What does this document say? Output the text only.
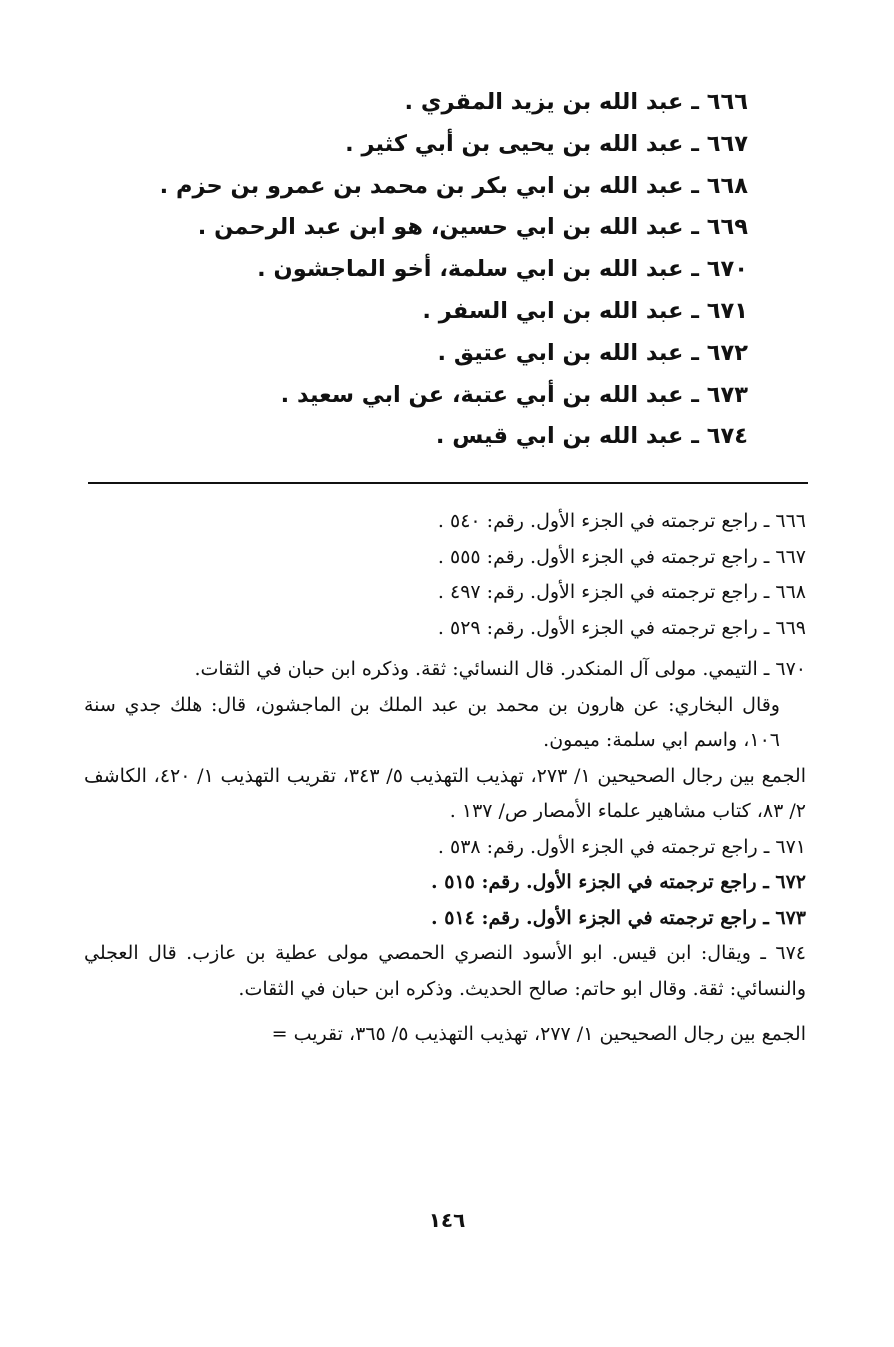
٦٦٦ ـ عبد الله بن يزيد المقري .
٦٦٧ ـ عبد الله بن يحيى بن أبي كثير .
٦٦٨ ـ عبد الله بن ابي بكر بن محمد بن عمرو بن حزم .
٦٦٩ ـ عبد الله بن ابي حسين، هو ابن عبد الرحمن .
٦٧٠ ـ عبد الله بن ابي سلمة، أخو الماجشون .
٦٧١ ـ عبد الله بن ابي السفر .
٦٧٢ ـ عبد الله بن ابي عتيق .
٦٧٣ ـ عبد الله بن أبي عتبة، عن ابي سعيد .
٦٧٤ ـ عبد الله بن ابي قيس .
٦٦٦ ـ راجع ترجمته في الجزء الأول. رقم: ٥٤٠ .
٦٦٧ ـ راجع ترجمته في الجزء الأول. رقم: ٥٥٥ .
٦٦٨ ـ راجع ترجمته في الجزء الأول. رقم: ٤٩٧ .
٦٦٩ ـ راجع ترجمته في الجزء الأول. رقم: ٥٢٩ .
٦٧٠ ـ التيمي. مولى آل المنكدر. قال النسائي: ثقة. وذكره ابن حبان في الثقات.
وقال البخاري: عن هارون بن محمد بن عبد الملك بن الماجشون، قال: هلك جدي سنة ١٠٦، واسم ابي سلمة: ميمون.
الجمع بين رجال الصحيحين ١/ ٢٧٣، تهذيب التهذيب ٥/ ٣٤٣، تقريب التهذيب ١/ ٤٢٠، الكاشف ٢/ ٨٣، كتاب مشاهير علماء الأمصار ص/ ١٣٧ .
٦٧١ ـ راجع ترجمته في الجزء الأول. رقم: ٥٣٨ .
٦٧٢ ـ راجع ترجمته في الجزء الأول. رقم: ٥١٥ .
٦٧٣ ـ راجع ترجمته في الجزء الأول. رقم: ٥١٤ .
٦٧٤ ـ ويقال: ابن قيس. ابو الأسود النصري الحمصي مولى عطية بن عازب. قال العجلي والنسائي: ثقة. وقال ابو حاتم: صالح الحديث. وذكره ابن حبان في الثقات.
الجمع بين رجال الصحيحين ١/ ٢٧٧، تهذيب التهذيب ٥/ ٣٦٥، تقريب =
١٤٦
